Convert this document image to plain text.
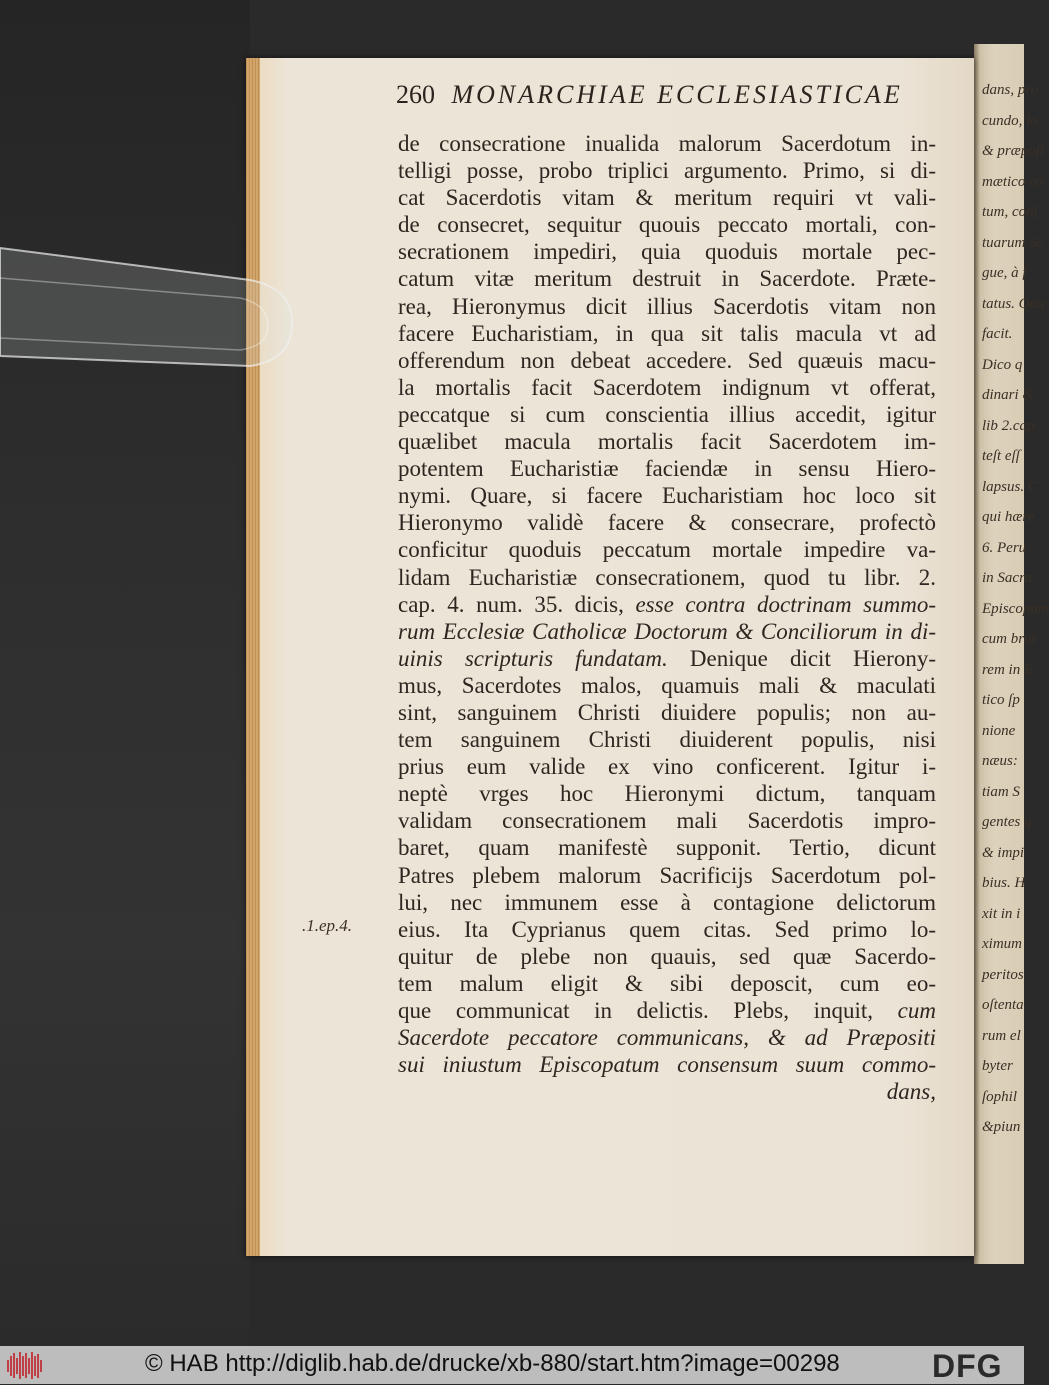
dans, pro
cundo, lo
& præpoſi
mætico co
tum, conſ
tuarum Sc
gue, à f
tatus. Qua
facit.
Dico q
dinari &
lib 2.cap
teſt eſſ
lapsus. C
qui hære
6. Peru
in Sacra
Episcopum
cum brut
rem in E
tico ſp
nione
næus:
tiam S
gentes q
& impi
bius. H
xit in i
ximum
peritos
oſtenta
rum el
byter
ſophil
&piun
260 MONARCHIAE ECCLESIASTICAE
.1.ep.4.
de consecratione inualida malorum Sacerdotum in-
telligi posse, probo triplici argumento. Primo, si di-
cat Sacerdotis vitam & meritum requiri vt vali-
de consecret, sequitur quouis peccato mortali, con-
secrationem impediri, quia quoduis mortale pec-
catum vitæ meritum destruit in Sacerdote. Præte-
rea, Hieronymus dicit illius Sacerdotis vitam non
facere Eucharistiam, in qua sit talis macula vt ad
offerendum non debeat accedere. Sed quæuis macu-
la mortalis facit Sacerdotem indignum vt offerat,
peccatque si cum conscientia illius accedit, igitur
quælibet macula mortalis facit Sacerdotem im-
potentem Eucharistiæ faciendæ in sensu Hiero-
nymi. Quare, si facere Eucharistiam hoc loco sit
Hieronymo validè facere & consecrare, profectò
conficitur quoduis peccatum mortale impedire va-
lidam Eucharistiæ consecrationem, quod tu libr. 2.
cap. 4. num. 35. dicis, esse contra doctrinam summo-
rum Ecclesiæ Catholicæ Doctorum & Conciliorum in di-
uinis scripturis fundatam. Denique dicit Hierony-
mus, Sacerdotes malos, quamuis mali & maculati
sint, sanguinem Christi diuidere populis; non au-
tem sanguinem Christi diuiderent populis, nisi
prius eum valide ex vino conficerent. Igitur i-
neptè vrges hoc Hieronymi dictum, tanquam
validam consecrationem mali Sacerdotis impro-
baret, quam manifestè supponit. Tertio, dicunt
Patres plebem malorum Sacrificijs Sacerdotum pol-
lui, nec immunem esse à contagione delictorum
eius. Ita Cyprianus quem citas. Sed primo lo-
quitur de plebe non quauis, sed quæ Sacerdo-
tem malum eligit & sibi deposcit, cum eo-
que communicat in delictis. Plebs, inquit, cum
Sacerdote peccatore communicans, & ad Præpositi
sui iniustum Episcopatum consensum suum commo-
dans,
© HAB http://diglib.hab.de/drucke/xb-880/start.htm?image=00298	DFG
